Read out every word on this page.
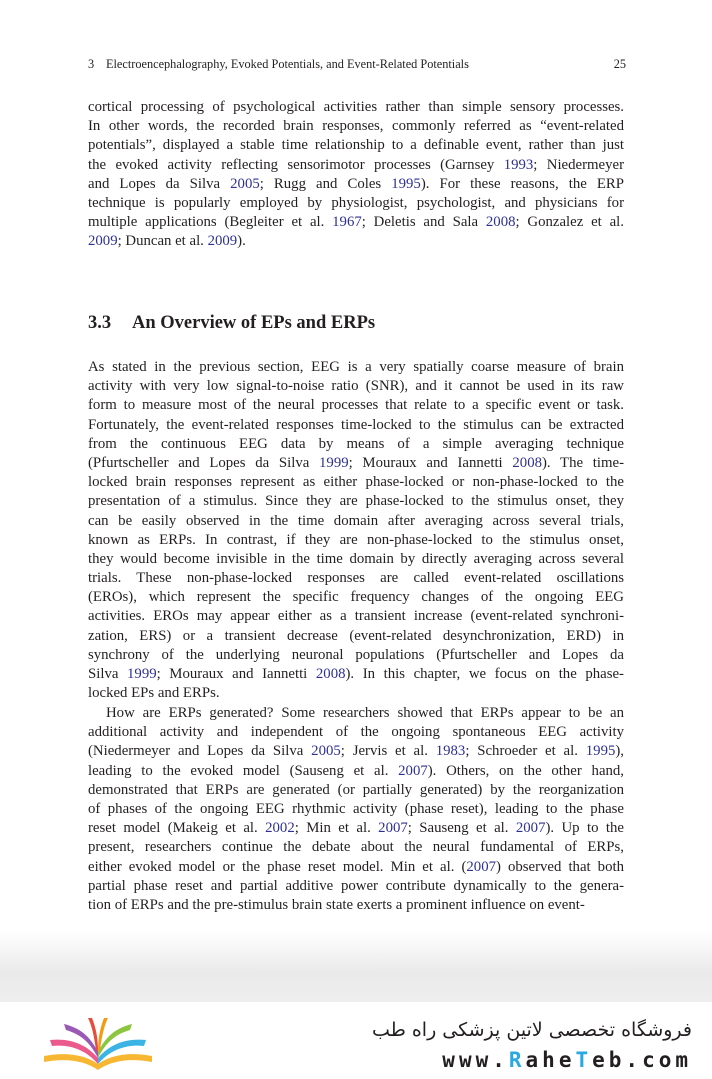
3 Electroencephalography, Evoked Potentials, and Event-Related Potentials	25
cortical processing of psychological activities rather than simple sensory processes.
In other words, the recorded brain responses, commonly referred as “event-related
potentials”, displayed a stable time relationship to a definable event, rather than just
the evoked activity reflecting sensorimotor processes (Garnsey 1993; Niedermeyer
and Lopes da Silva 2005; Rugg and Coles 1995). For these reasons, the ERP
technique is popularly employed by physiologist, psychologist, and physicians for
multiple applications (Begleiter et al. 1967; Deletis and Sala 2008; Gonzalez et al.
2009; Duncan et al. 2009).
3.3 An Overview of EPs and ERPs
As stated in the previous section, EEG is a very spatially coarse measure of brain
activity with very low signal-to-noise ratio (SNR), and it cannot be used in its raw
form to measure most of the neural processes that relate to a specific event or task.
Fortunately, the event-related responses time-locked to the stimulus can be extracted
from the continuous EEG data by means of a simple averaging technique
(Pfurtscheller and Lopes da Silva 1999; Mouraux and Iannetti 2008). The time-
locked brain responses represent as either phase-locked or non-phase-locked to the
presentation of a stimulus. Since they are phase-locked to the stimulus onset, they
can be easily observed in the time domain after averaging across several trials,
known as ERPs. In contrast, if they are non-phase-locked to the stimulus onset,
they would become invisible in the time domain by directly averaging across several
trials. These non-phase-locked responses are called event-related oscillations
(EROs), which represent the specific frequency changes of the ongoing EEG
activities. EROs may appear either as a transient increase (event-related synchroni-
zation, ERS) or a transient decrease (event-related desynchronization, ERD) in
synchrony of the underlying neuronal populations (Pfurtscheller and Lopes da
Silva 1999; Mouraux and Iannetti 2008). In this chapter, we focus on the phase-
locked EPs and ERPs.
How are ERPs generated? Some researchers showed that ERPs appear to be an
additional activity and independent of the ongoing spontaneous EEG activity
(Niedermeyer and Lopes da Silva 2005; Jervis et al. 1983; Schroeder et al. 1995),
leading to the evoked model (Sauseng et al. 2007). Others, on the other hand,
demonstrated that ERPs are generated (or partially generated) by the reorganization
of phases of the ongoing EEG rhythmic activity (phase reset), leading to the phase
reset model (Makeig et al. 2002; Min et al. 2007; Sauseng et al. 2007). Up to the
present, researchers continue the debate about the neural fundamental of ERPs,
either evoked model or the phase reset model. Min et al. (2007) observed that both
partial phase reset and partial additive power contribute dynamically to the genera-
tion of ERPs and the pre-stimulus brain state exerts a prominent influence on event-
فروشگاه تخصصی لاتین پزشکی راه طب
www.RaheTeb.com
